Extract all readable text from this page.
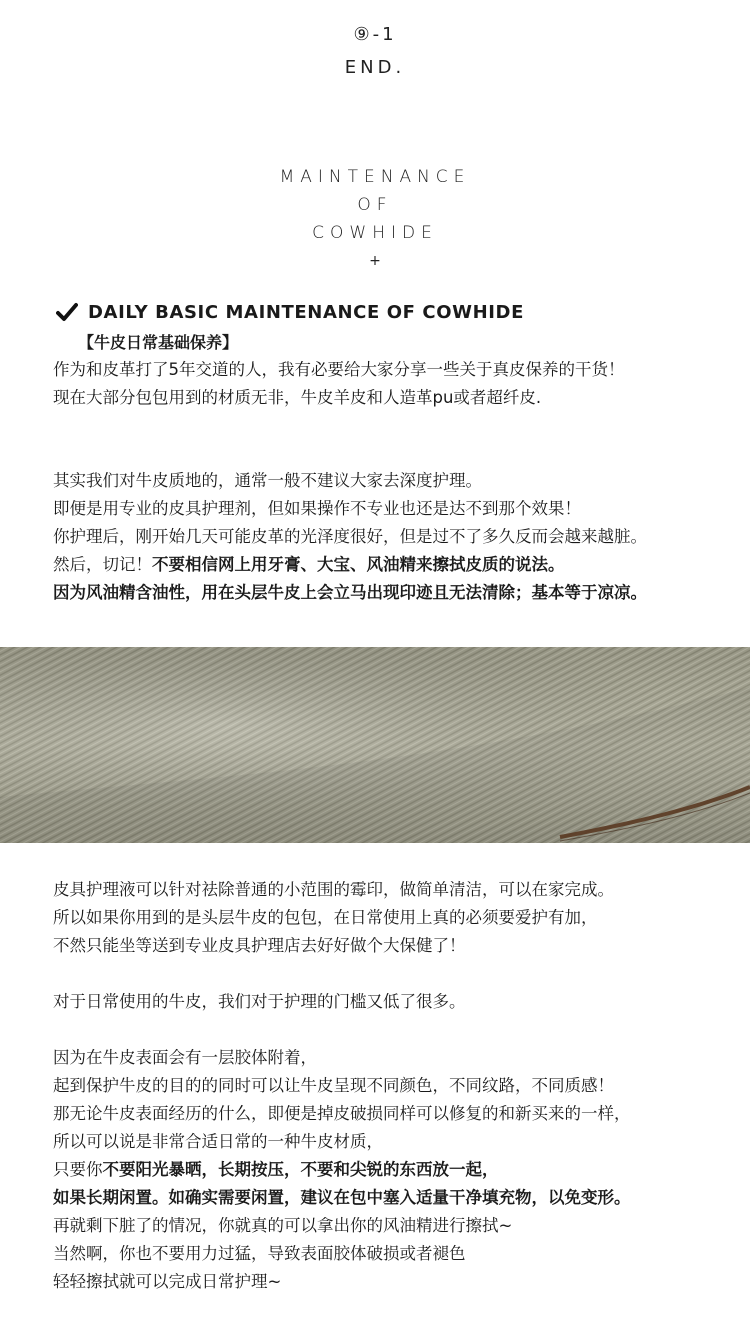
⑨-1
END.
MAINTENANCE
OF
COWHIDE
+
DAILY BASIC MAINTENANCE OF COWHIDE
【牛皮日常基础保养】

作为和皮革打了5年交道的人，我有必要给大家分享一些关于真皮保养的干货！

现在大部分包包用到的材质无非，牛皮羊皮和人造革pu或者超纤皮.

其实我们对牛皮质地的，通常一般不建议大家去深度护理。

即便是用专业的皮具护理剂，但如果操作不专业也还是达不到那个效果！

你护理后，刚开始几天可能皮革的光泽度很好，但是过不了多久反而会越来越脏。

然后，切记！不要相信网上用牙膏、大宝、风油精来擦拭皮质的说法。

因为风油精含油性，用在头层牛皮上会立马出现印迹且无法清除；基本等于凉凉。

皮具护理液可以针对祛除普通的小范围的霉印，做简单清洁，可以在家完成。

所以如果你用到的是头层牛皮的包包，在日常使用上真的必须要爱护有加，

不然只能坐等送到专业皮具护理店去好好做个大保健了！

对于日常使用的牛皮，我们对于护理的门槛又低了很多。

因为在牛皮表面会有一层胶体附着，

起到保护牛皮的目的的同时可以让牛皮呈现不同颜色，不同纹路，不同质感！

那无论牛皮表面经历的什么，即便是掉皮破损同样可以修复的和新买来的一样，

所以可以说是非常合适日常的一种牛皮材质，

只要你不要阳光暴晒，长期按压，不要和尖锐的东西放一起，

如果长期闲置。如确实需要闲置，建议在包中塞入适量干净填充物，以免变形。

再就剩下脏了的情况，你就真的可以拿出你的风油精进行擦拭~

当然啊，你也不要用力过猛，导致表面胶体破损或者褪色

轻轻擦拭就可以完成日常护理~
